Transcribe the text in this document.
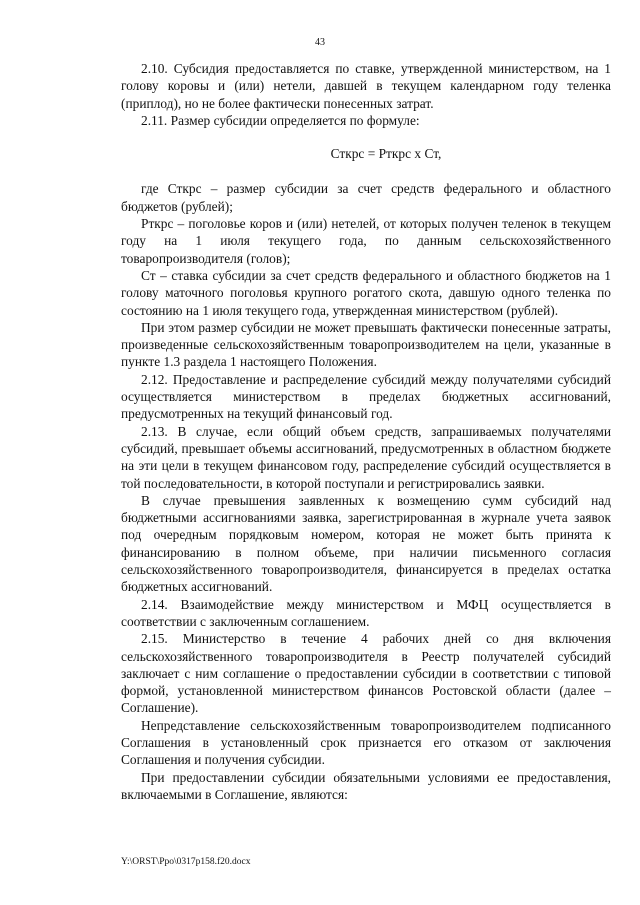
43

2.10. Субсидия предоставляется по ставке, утвержденной министерством, на 1 голову коровы и (или) нетели, давшей в текущем календарном году теленка (приплод), но не более фактически понесенных затрат.

2.11. Размер субсидии определяется по формуле:

Сткрс = Рткрс х Ст,

где Сткрс – размер субсидии за счет средств федерального и областного бюджетов (рублей);

Рткрс – поголовье коров и (или) нетелей, от которых получен теленок в текущем году на 1 июля текущего года, по данным сельскохозяйственного товаропроизводителя (голов);

Ст – ставка субсидии за счет средств федерального и областного бюджетов на 1 голову маточного поголовья крупного рогатого скота, давшую одного теленка по состоянию на 1 июля текущего года, утвержденная министерством (рублей).

При этом размер субсидии не может превышать фактически понесенные затраты, произведенные сельскохозяйственным товаропроизводителем на цели, указанные в пункте 1.3 раздела 1 настоящего Положения.

2.12. Предоставление и распределение субсидий между получателями субсидий осуществляется министерством в пределах бюджетных ассигнований, предусмотренных на текущий финансовый год.

2.13. В случае, если общий объем средств, запрашиваемых получателями субсидий, превышает объемы ассигнований, предусмотренных в областном бюджете на эти цели в текущем финансовом году, распределение субсидий осуществляется в той последовательности, в которой поступали и регистрировались заявки.

В случае превышения заявленных к возмещению сумм субсидий над бюджетными ассигнованиями заявка, зарегистрированная в журнале учета заявок под очередным порядковым номером, которая не может быть принята к финансированию в полном объеме, при наличии письменного согласия сельскохозяйственного товаропроизводителя, финансируется в пределах остатка бюджетных ассигнований.

2.14. Взаимодействие между министерством и МФЦ осуществляется в соответствии с заключенным соглашением.

2.15. Министерство в течение 4 рабочих дней со дня включения сельскохозяйственного товаропроизводителя в Реестр получателей субсидий заключает с ним соглашение о предоставлении субсидии в соответствии с типовой формой, установленной министерством финансов Ростовской области (далее – Соглашение).

Непредставление сельскохозяйственным товаропроизводителем подписанного Соглашения в установленный срок признается его отказом от заключения Соглашения и получения субсидии.

При предоставлении субсидии обязательными условиями ее предоставления, включаемыми в Соглашение, являются:

Y:\ORST\Ppo\0317p158.f20.docx
